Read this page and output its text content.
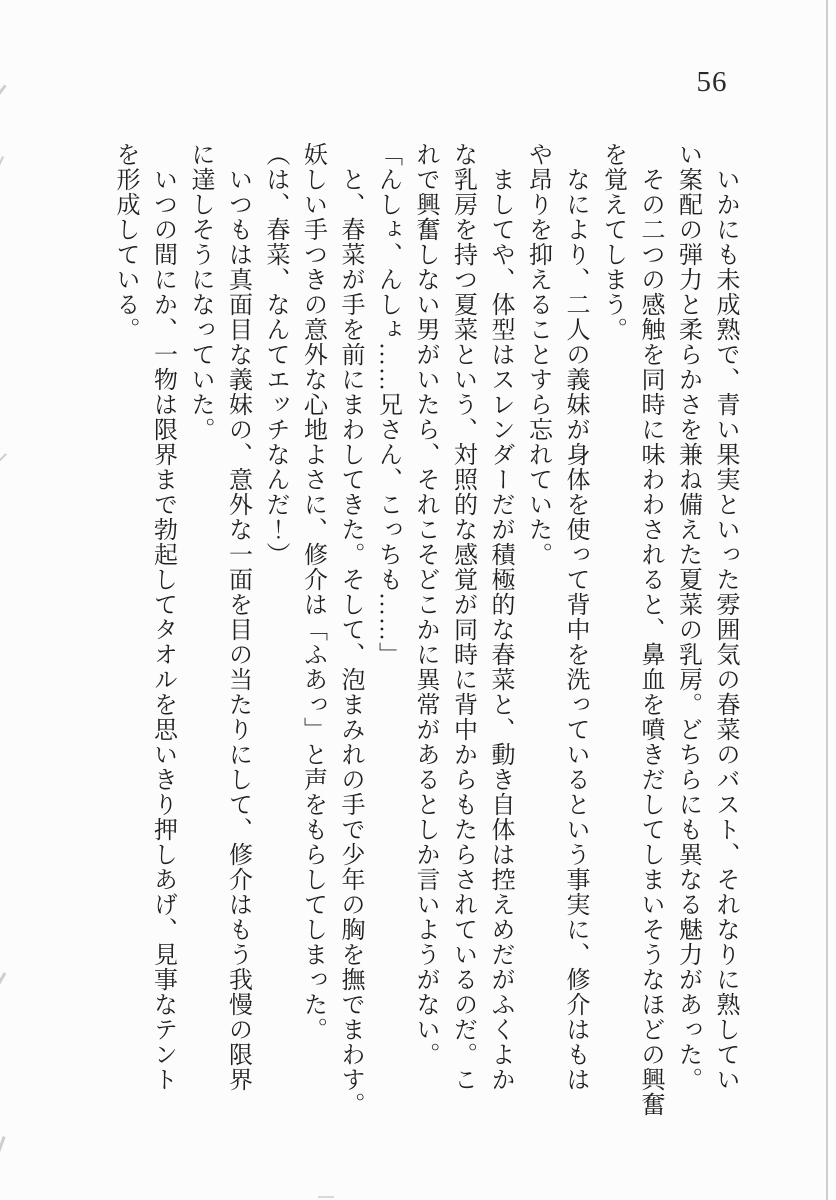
56

　いかにも未成熟で、青い果実といった雰囲気の春菜のバスト、それなりに熟してい

い案配の弾力と柔らかさを兼ね備えた夏菜の乳房。どちらにも異なる魅力があった。

　その二つの感触を同時に味わわされると、鼻血を噴きだしてしまいそうなほどの興奮

を覚えてしまう。

　なにより、二人の義妹が身体を使って背中を洗っているという事実に、修介はもは

や昂りを抑えることすら忘れていた。

　ましてや、体型はスレンダーだが積極的な春菜と、動き自体は控えめだがふくよか

な乳房を持つ夏菜という、対照的な感覚が同時に背中からもたらされているのだ。こ

れで興奮しない男がいたら、それこそどこかに異常があるとしか言いようがない。

「んしょ、んしょ……兄さん、こっちも……」

　と、春菜が手を前にまわしてきた。そして、泡まみれの手で少年の胸を撫でまわす。

妖しい手つきの意外な心地よさに、修介は「ふあっ」と声をもらしてしまった。

（は、春菜、なんてエッチなんだ！）

　いつもは真面目な義妹の、意外な一面を目の当たりにして、修介はもう我慢の限界

に達しそうになっていた。

　いつの間にか、一物は限界まで勃起してタオルを思いきり押しあげ、見事なテント

を形成している。
